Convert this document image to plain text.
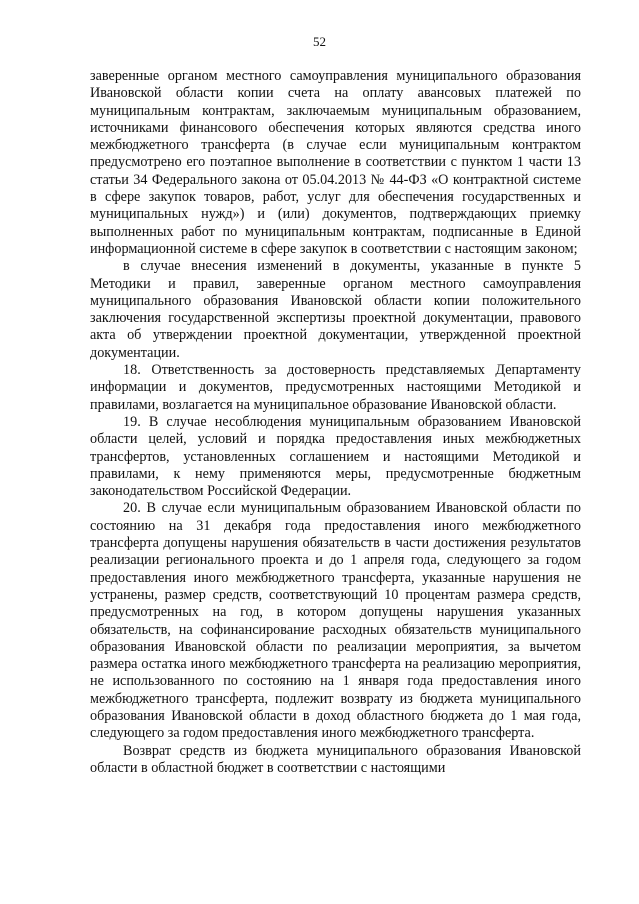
52

заверенные органом местного самоуправления муниципального образования Ивановской области копии счета на оплату авансовых платежей по муниципальным контрактам, заключаемым муниципальным образованием, источниками финансового обеспечения которых являются средства иного межбюджетного трансферта (в случае если муниципальным контрактом предусмотрено его поэтапное выполнение в соответствии с пунктом 1 части 13 статьи 34 Федерального закона от 05.04.2013 № 44-ФЗ «О контрактной системе в сфере закупок товаров, работ, услуг для обеспечения государственных и муниципальных нужд») и (или) документов, подтверждающих приемку выполненных работ по муниципальным контрактам, подписанные в Единой информационной системе в сфере закупок в соответствии с настоящим законом;

в случае внесения изменений в документы, указанные в пункте 5 Методики и правил, заверенные органом местного самоуправления муниципального образования Ивановской области копии положительного заключения государственной экспертизы проектной документации, правового акта об утверждении проектной документации, утвержденной проектной документации.

18. Ответственность за достоверность представляемых Департаменту информации и документов, предусмотренных настоящими Методикой и правилами, возлагается на муниципальное образование Ивановской области.

19. В случае несоблюдения муниципальным образованием Ивановской области целей, условий и порядка предоставления иных межбюджетных трансфертов, установленных соглашением и настоящими Методикой и правилами, к нему применяются меры, предусмотренные бюджетным законодательством Российской Федерации.

20. В случае если муниципальным образованием Ивановской области по состоянию на 31 декабря года предоставления иного межбюджетного трансферта допущены нарушения обязательств в части достижения результатов реализации регионального проекта и до 1 апреля года, следующего за годом предоставления иного межбюджетного трансферта, указанные нарушения не устранены, размер средств, соответствующий 10 процентам размера средств, предусмотренных на год, в котором допущены нарушения указанных обязательств, на софинансирование расходных обязательств муниципального образования Ивановской области по реализации мероприятия, за вычетом размера остатка иного межбюджетного трансферта на реализацию мероприятия, не использованного по состоянию на 1 января года предоставления иного межбюджетного трансферта, подлежит возврату из бюджета муниципального образования Ивановской области в доход областного бюджета до 1 мая года, следующего за годом предоставления иного межбюджетного трансферта.

Возврат средств из бюджета муниципального образования Ивановской области в областной бюджет в соответствии с настоящими
